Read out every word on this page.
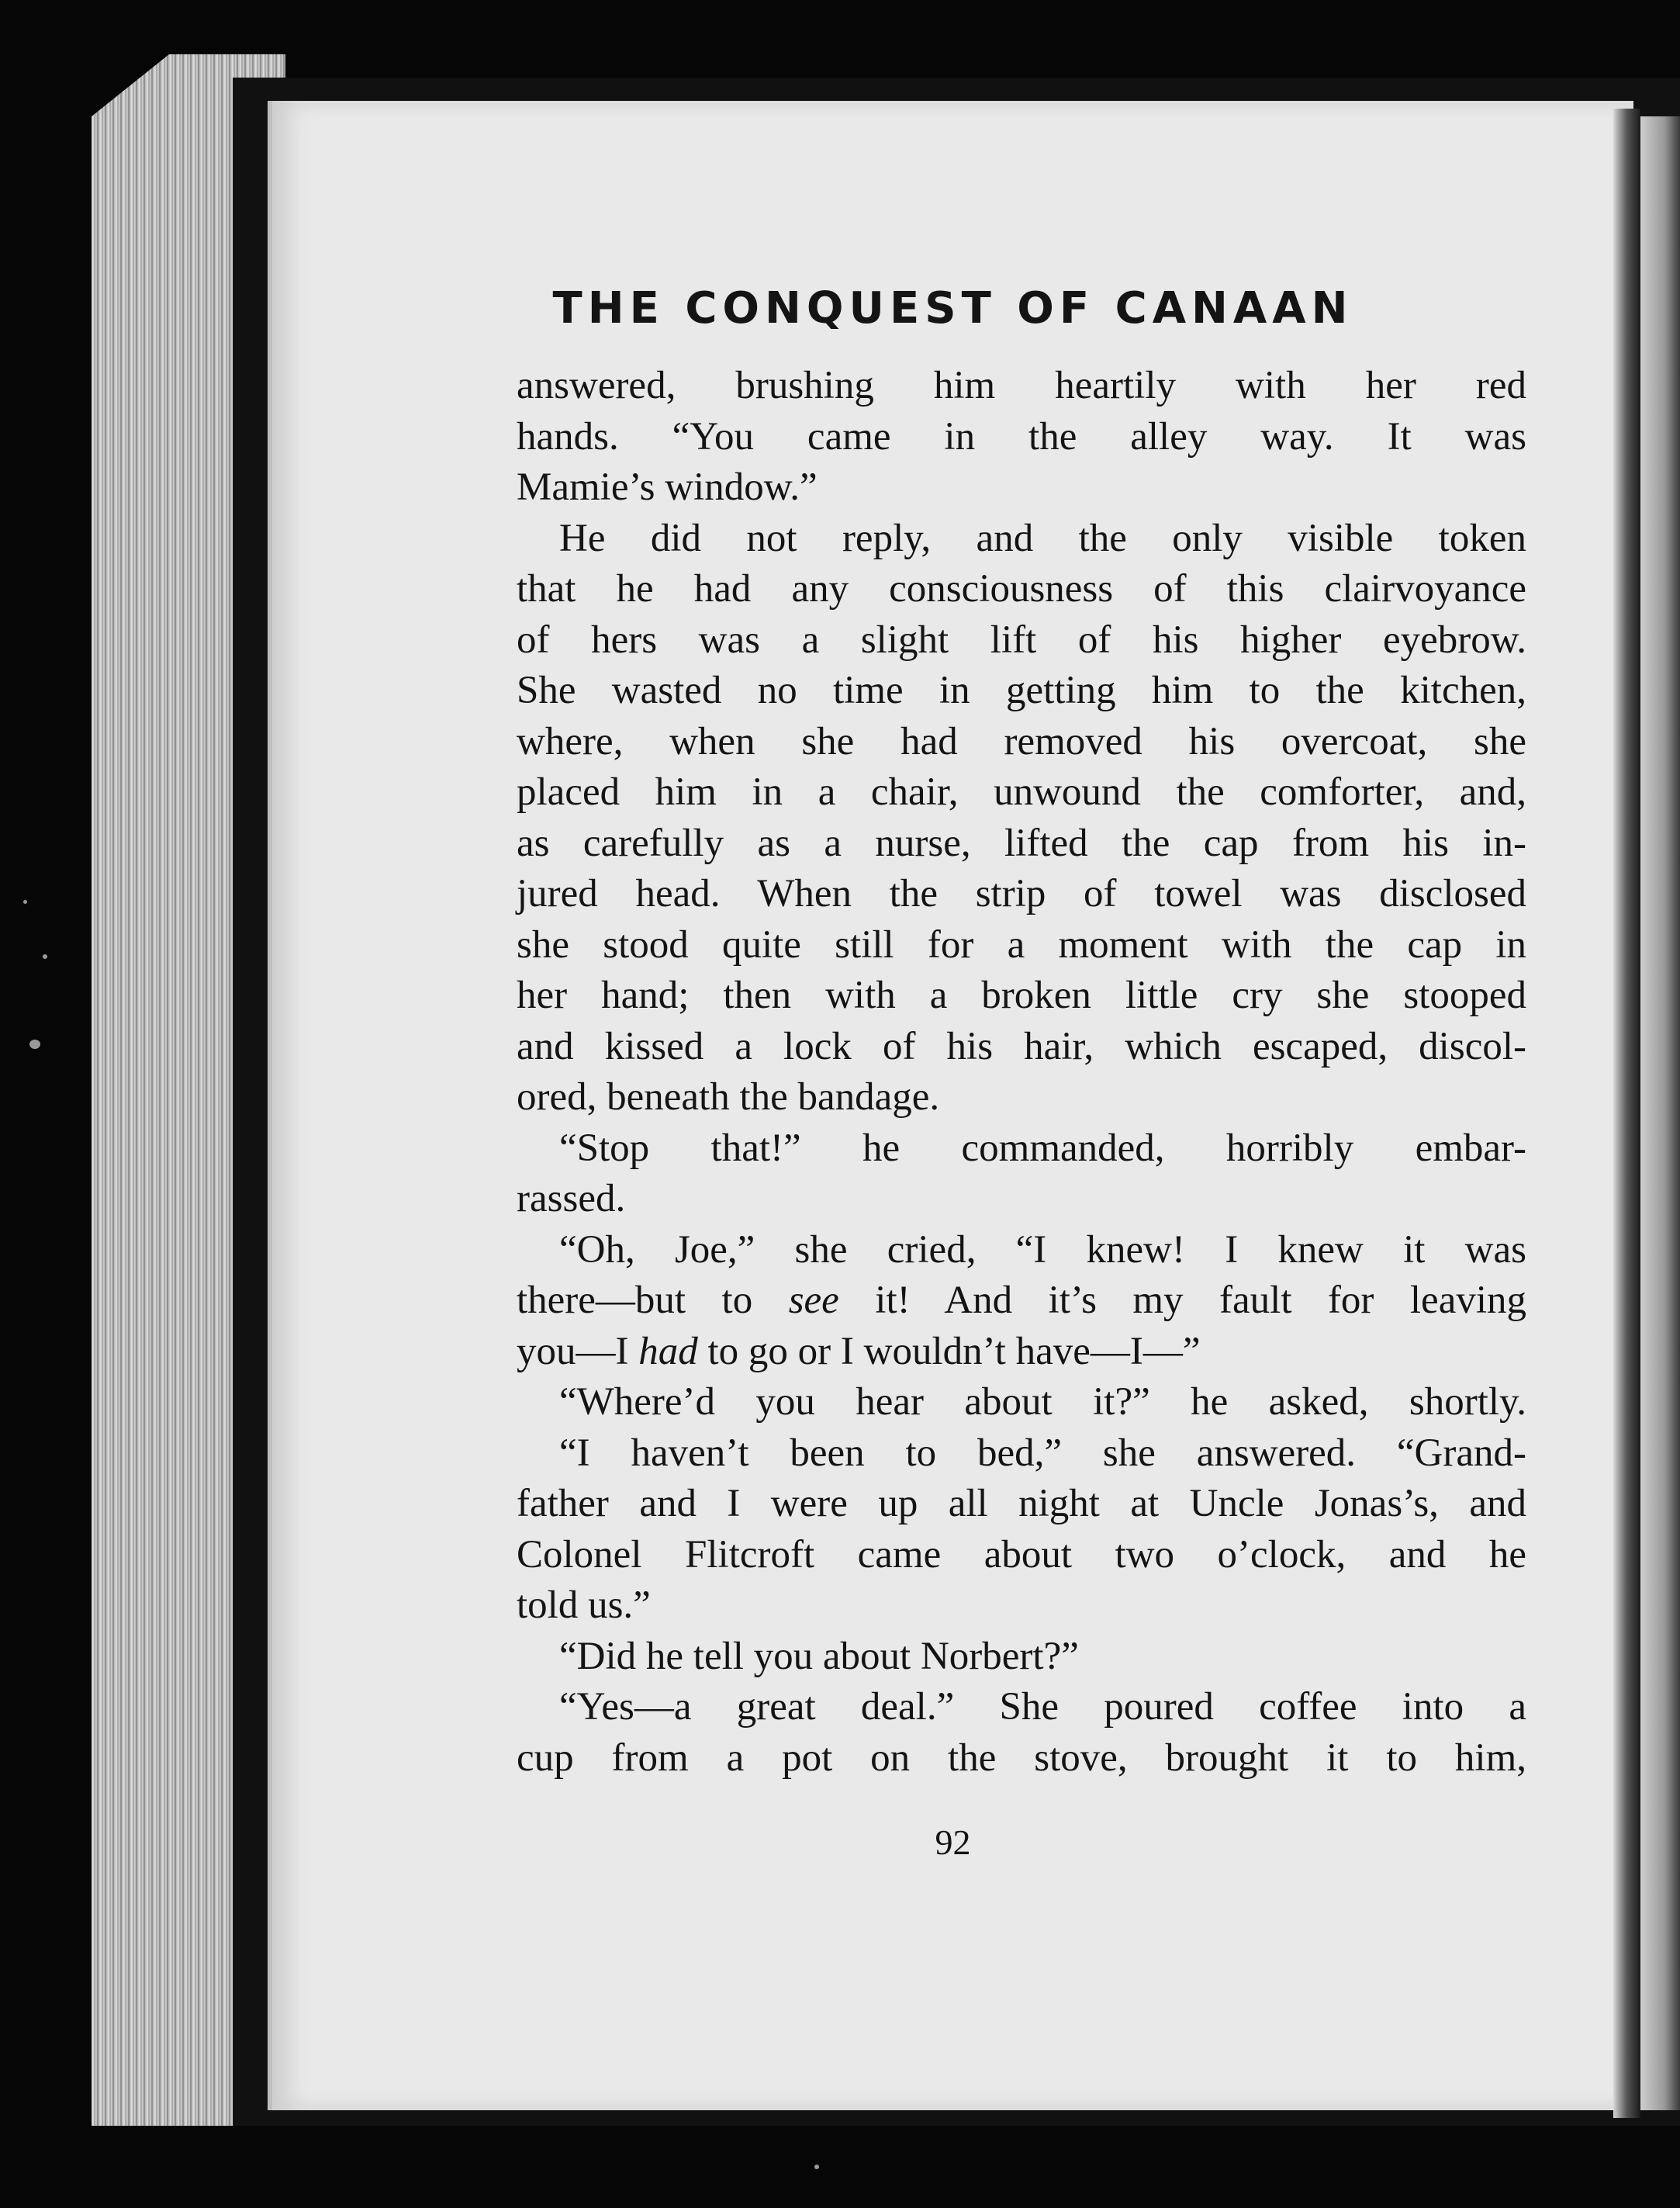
THE CONQUEST OF CANAAN
answered, brushing him heartily with her red
hands. “You came in the alley way. It was
Mamie’s window.”
He did not reply, and the only visible token
that he had any consciousness of this clairvoyance
of hers was a slight lift of his higher eyebrow.
She wasted no time in getting him to the kitchen,
where, when she had removed his overcoat, she
placed him in a chair, unwound the comforter, and,
as carefully as a nurse, lifted the cap from his in-
jured head. When the strip of towel was disclosed
she stood quite still for a moment with the cap in
her hand; then with a broken little cry she stooped
and kissed a lock of his hair, which escaped, discol-
ored, beneath the bandage.
“Stop that!” he commanded, horribly embar-
rassed.
“Oh, Joe,” she cried, “I knew! I knew it was
there—but to see it! And it’s my fault for leaving
you—I had to go or I wouldn’t have—I—”
“Where’d you hear about it?” he asked, shortly.
“I haven’t been to bed,” she answered. “Grand-
father and I were up all night at Uncle Jonas’s, and
Colonel Flitcroft came about two o’clock, and he
told us.”
“Did he tell you about Norbert?”
“Yes—a great deal.” She poured coffee into a
cup from a pot on the stove, brought it to him,
92
